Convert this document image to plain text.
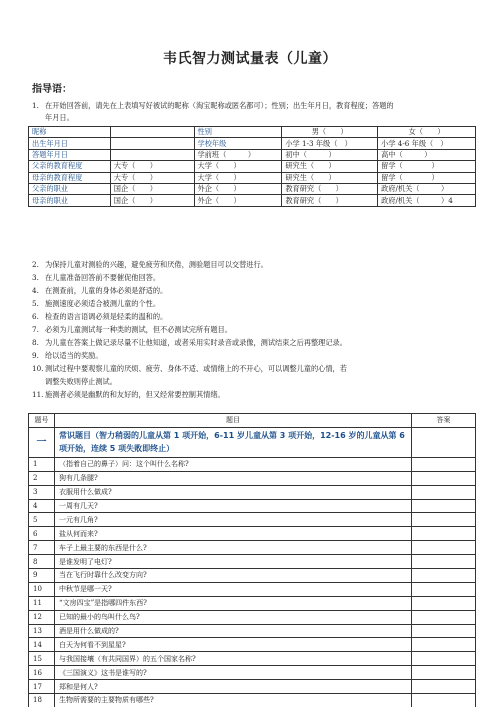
韦氏智力测试量表（儿童）
指导语：
1. 在开始回答前，请先在上表填写好被试的昵称（淘宝昵称或匿名都可）；性别；出生年月日，教育程度；答题的
年月日。
昵称		性别	男（　　）	女（　　）
出生年月日		学校年级	小学 1-3 年级（　）	小学 4-6 年级（　）
答题年月日		学前班（　　　）	初中（　　　）	高中（　　　）
父亲的教育程度	大专（　　）	大学（　　）	研究生（　　）	留学（　　　　）
母亲的教育程度	大专（　　）	大学（　　）	研究生（　　）	留学（　　　　）
父亲的职业	国企（　　）	外企（　　）	教育研究（　　）	政府/机关（　　　）
母亲的职业	国企（　　）	外企（　　）	教育研究（　　）	政府/机关（　　　）4
2. 为保持儿童对测验的兴趣，避免疲劳和厌倦，测验题目可以交替进行。
3. 在儿童准备回答前不要催促他回答。
4. 在测查前，儿童的身体必须是舒适的。
5. 施测速度必须适合被测儿童的个性。
6. 检查的语言语调必须是轻柔的温和的。
7. 必须为儿童测试每一种类的测试，但不必测试完所有题目。
8. 为儿童在答案上做记录尽量不让他知道，或者采用实时录音或录像，测试结束之后再整理记录。
9. 给以适当的奖励。
10. 测试过程中要观察儿童的厌烦、疲劳、身体不适、或情绪上的不开心，可以调整儿童的心情，若
调整失败则停止测试。
11. 施测者必须是幽默的和友好的，但又经常要控制其情绪。
题号	题目	答案
一	常识题目（智力稍弱的儿童从第 1 项开始，6-11 岁儿童从第 3 项开始，12-16 岁的儿童从第 6 项开始，连续 5 项失败即终止）	
1	（指着自己的鼻子）问：这个叫什么名称?	
2	狗有几条腿?	
3	衣服用什么做成?	
4	一周有几天?	
5	一元有几角?	
6	盐从何而来?	
7	车子上最主要的东西是什么?	
8	是谁发明了电灯?	
9	当在飞行时靠什么改变方向?	
10	中秋节是哪一天?	
11	“文房四宝”是指哪四件东西?	
12	已知的最小的鸟叫什么鸟?	
13	酒是用什么做成的?	
14	白天为何看不到星星?	
15	与我国接壤（有共同国界）的五个国家名称?	
16	《三国演义》这书是谁写的?	
17	郑和是何人?	
18	生物所需要的主要物质有哪些?	
